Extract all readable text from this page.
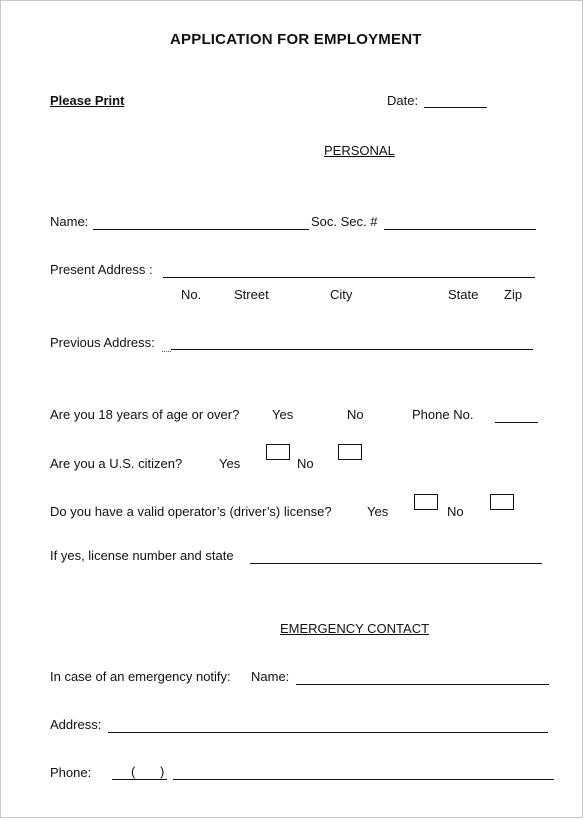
APPLICATION FOR EMPLOYMENT
Please Print	Date:
PERSONAL
Name:	Soc. Sec. #
Present Address :
No.	Street	City	State Zip
Previous Address:
Are you 18 years of age or over?	Yes	No	Phone No.
Are you a U.S. citizen?	Yes	No
Do you have a valid operator’s (driver’s) license?	Yes	No
If yes, license number and state
EMERGENCY CONTACT
In case of an emergency notify: Name:
Address:
Phone:	( )
